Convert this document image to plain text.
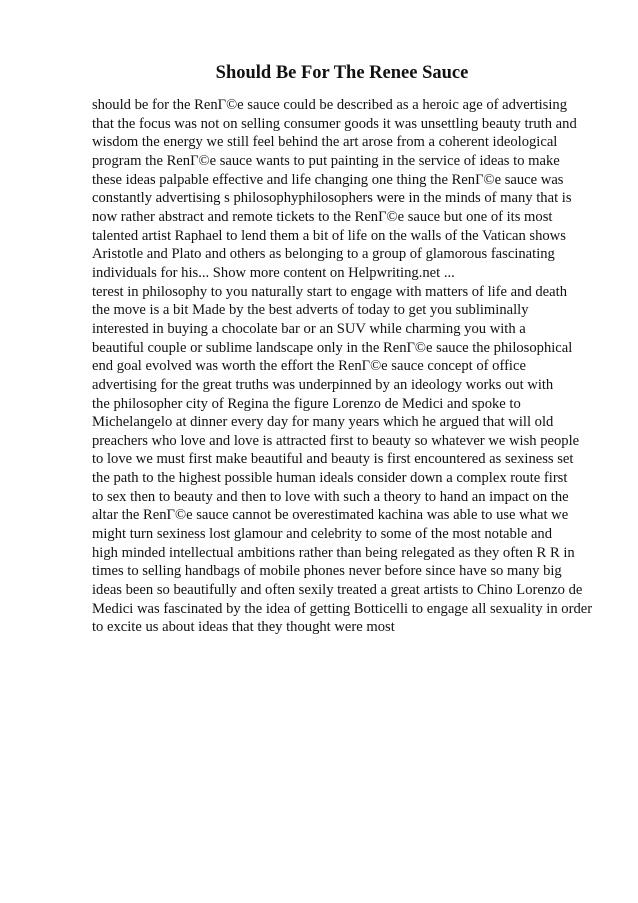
Should Be For The Renee Sauce
should be for the RenΓ©e sauce could be described as a heroic age of advertising
that the focus was not on selling consumer goods it was unsettling beauty truth and
wisdom the energy we still feel behind the art arose from a coherent ideological
program the RenΓ©e sauce wants to put painting in the service of ideas to make
these ideas palpable effective and life changing one thing the RenΓ©e sauce was
constantly advertising s philosophyphilosophers were in the minds of many that is
now rather abstract and remote tickets to the RenΓ©e sauce but one of its most
talented artist Raphael to lend them a bit of life on the walls of the Vatican shows
Aristotle and Plato and others as belonging to a group of glamorous fascinating
individuals for his... Show more content on Helpwriting.net ...
terest in philosophy to you naturally start to engage with matters of life and death
the move is a bit Made by the best adverts of today to get you subliminally
interested in buying a chocolate bar or an SUV while charming you with a
beautiful couple or sublime landscape only in the RenΓ©e sauce the philosophical
end goal evolved was worth the effort the RenΓ©e sauce concept of office
advertising for the great truths was underpinned by an ideology works out with
the philosopher city of Regina the figure Lorenzo de Medici and spoke to
Michelangelo at dinner every day for many years which he argued that will old
preachers who love and love is attracted first to beauty so whatever we wish people
to love we must first make beautiful and beauty is first encountered as sexiness set
the path to the highest possible human ideals consider down a complex route first
to sex then to beauty and then to love with such a theory to hand an impact on the
altar the RenΓ©e sauce cannot be overestimated kachina was able to use what we
might turn sexiness lost glamour and celebrity to some of the most notable and
high minded intellectual ambitions rather than being relegated as they often R R in
times to selling handbags of mobile phones never before since have so many big
ideas been so beautifully and often sexily treated a great artists to Chino Lorenzo de
Medici was fascinated by the idea of getting Botticelli to engage all sexuality in order
to excite us about ideas that they thought were most
